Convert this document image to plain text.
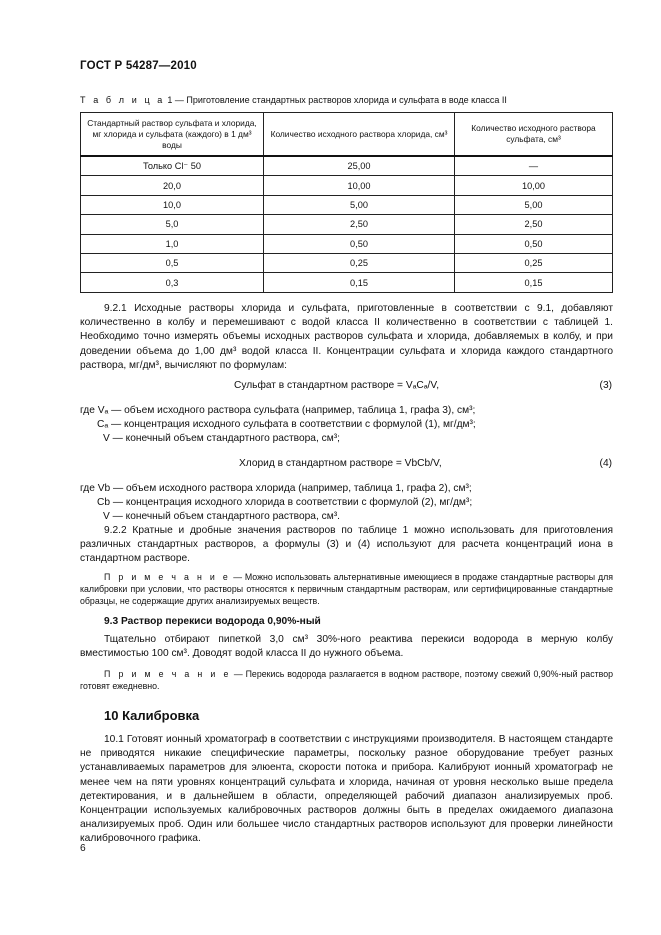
ГОСТ Р 54287—2010
Т а б л и ц а 1 — Приготовление стандартных растворов хлорида и сульфата в воде класса II
Стандартный раствор сульфата и хлорида, мг хлорида и сульфата (каждого) в 1 дм³ воды	Количество исходного раствора хлорида, см³	Количество исходного раствора сульфата, см³
Только Cl⁻ 50	25,00	—
20,0	10,00	10,00
10,0	5,00	5,00
5,0	2,50	2,50
1,0	0,50	0,50
0,5	0,25	0,25
0,3	0,15	0,15
9.2.1 Исходные растворы хлорида и сульфата, приготовленные в соответствии с 9.1, добавляют количественно в колбу и перемешивают с водой класса II количественно в соответствии с таблицей 1. Необходимо точно измерять объемы исходных растворов сульфата и хлорида, добавляемых в колбу, и при доведении объема до 1,00 дм³ водой класса II. Концентрации сульфата и хлорида каждого стандартного раствора, мг/дм³, вычисляют по формулам:
Сульфат в стандартном растворе = VₐCₐ/V,	(3)
где Vₐ — объем исходного раствора сульфата (например, таблица 1, графа 3), см³;
Cₐ — концентрация исходного сульфата в соответствии с формулой (1), мг/дм³;
V — конечный объем стандартного раствора, см³;
Хлорид в стандартном растворе = VbCb/V,	(4)
где Vb — объем исходного раствора хлорида (например, таблица 1, графа 2), см³;
Cb — концентрация исходного хлорида в соответствии с формулой (2), мг/дм³;
V — конечный объем стандартного раствора, см³.
9.2.2 Кратные и дробные значения растворов по таблице 1 можно использовать для приготовления различных стандартных растворов, а формулы (3) и (4) используют для расчета концентраций иона в стандартном растворе.
П р и м е ч а н и е — Можно использовать альтернативные имеющиеся в продаже стандартные растворы для калибровки при условии, что растворы относятся к первичным стандартным растворам, или сертифицированные стандартные образцы, не содержащие других анализируемых веществ.
9.3 Раствор перекиси водорода 0,90%-ный
Тщательно отбирают пипеткой 3,0 см³ 30%-ного реактива перекиси водорода в мерную колбу вместимостью 100 см³. Доводят водой класса II до нужного объема.
П р и м е ч а н и е — Перекись водорода разлагается в водном растворе, поэтому свежий 0,90%-ный раствор готовят ежедневно.
10 Калибровка
10.1 Готовят ионный хроматограф в соответствии с инструкциями производителя. В настоящем стандарте не приводятся никакие специфические параметры, поскольку разное оборудование требует разных устанавливаемых параметров для элюента, скорости потока и прибора. Калибруют ионный хроматограф не менее чем на пяти уровнях концентраций сульфата и хлорида, начиная от уровня несколько выше предела детектирования, и в дальнейшем в области, определяющей рабочий диапазон анализируемых проб. Концентрации используемых калибровочных растворов должны быть в пределах ожидаемого диапазона анализируемых проб. Один или большее число стандартных растворов используют для проверки линейности калибровочного графика.
6
